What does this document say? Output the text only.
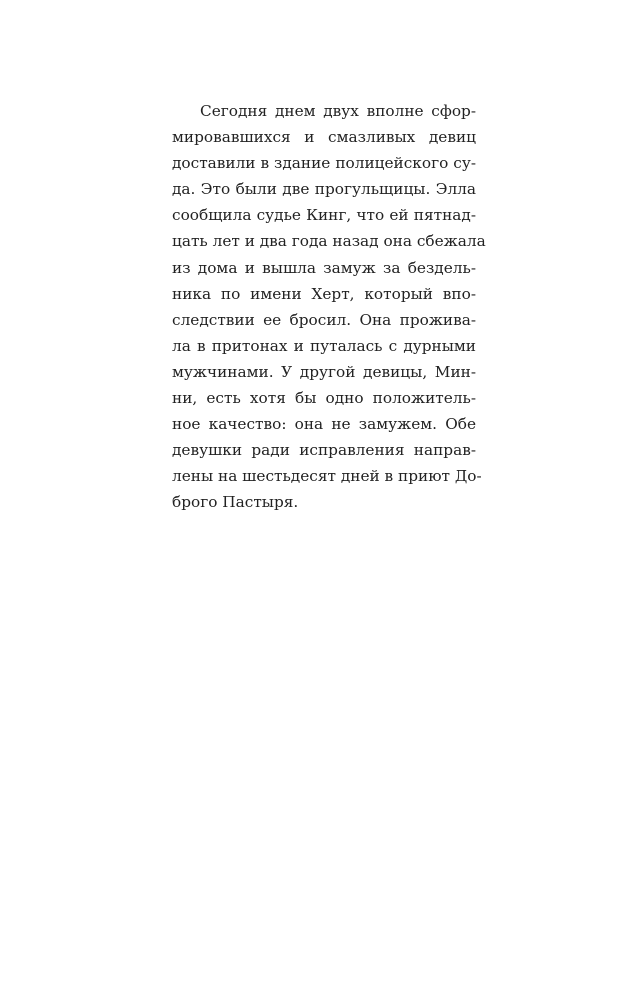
Сегодня днем двух вполне сфор-
мировавшихся и смазливых девиц
доставили в здание полицейского су-
да. Это были две прогульщицы. Элла
сообщила судье Кинг, что ей пятнад-
цать лет и два года назад она сбежала
из дома и вышла замуж за бездель-
ника по имени Херт, который впо-
следствии ее бросил. Она проживa-
ла в притонах и путалась с дурными
мужчинами. У другой девицы, Мин-
ни, есть хотя бы одно положитель-
ное качество: она не замужем. Обе
девушки ради исправления направ-
лены на шестьдесят дней в приют До-
брого Пастыря.
